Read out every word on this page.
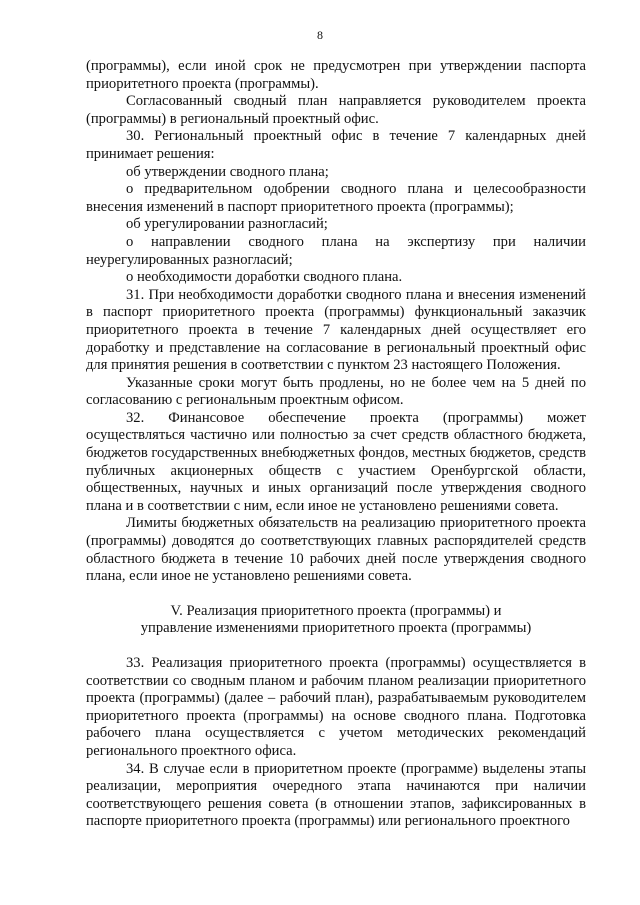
8

(программы), если иной срок не предусмотрен при утверждении паспорта приоритетного проекта (программы).

Согласованный сводный план направляется руководителем проекта (программы) в региональный проектный офис.

30. Региональный проектный офис в течение 7 календарных дней принимает решения:

об утверждении сводного плана;

о предварительном одобрении сводного плана и целесообразности внесения изменений в паспорт приоритетного проекта (программы);

об урегулировании разногласий;

о направлении сводного плана на экспертизу при наличии неурегулированных разногласий;

о необходимости доработки сводного плана.

31. При необходимости доработки сводного плана и внесения изменений в паспорт приоритетного проекта (программы) функциональный заказчик приоритетного проекта в течение 7 календарных дней осуществляет его доработку и представление на согласование в региональный проектный офис для принятия решения в соответствии с пунктом 23 настоящего Положения.

Указанные сроки могут быть продлены, но не более чем на 5 дней по согласованию с региональным проектным офисом.

32. Финансовое обеспечение проекта (программы) может осуществляться частично или полностью за счет средств областного бюджета, бюджетов государственных внебюджетных фондов, местных бюджетов, средств публичных акционерных обществ с участием Оренбургской области, общественных, научных и иных организаций после утверждения сводного плана и в соответствии с ним, если иное не установлено решениями совета.

Лимиты бюджетных обязательств на реализацию приоритетного проекта (программы) доводятся до соответствующих главных распорядителей средств областного бюджета в течение 10 рабочих дней после утверждения сводного плана, если иное не установлено решениями совета.

V. Реализация приоритетного проекта (программы) и
управление изменениями приоритетного проекта (программы)

33. Реализация приоритетного проекта (программы) осуществляется в соответствии со сводным планом и рабочим планом реализации приоритетного проекта (программы) (далее – рабочий план), разрабатываемым руководителем приоритетного проекта (программы) на основе сводного плана. Подготовка рабочего плана осуществляется с учетом методических рекомендаций регионального проектного офиса.

34. В случае если в приоритетном проекте (программе) выделены этапы реализации, мероприятия очередного этапа начинаются при наличии соответствующего решения совета (в отношении этапов, зафиксированных в паспорте приоритетного проекта (программы) или регионального проектного
